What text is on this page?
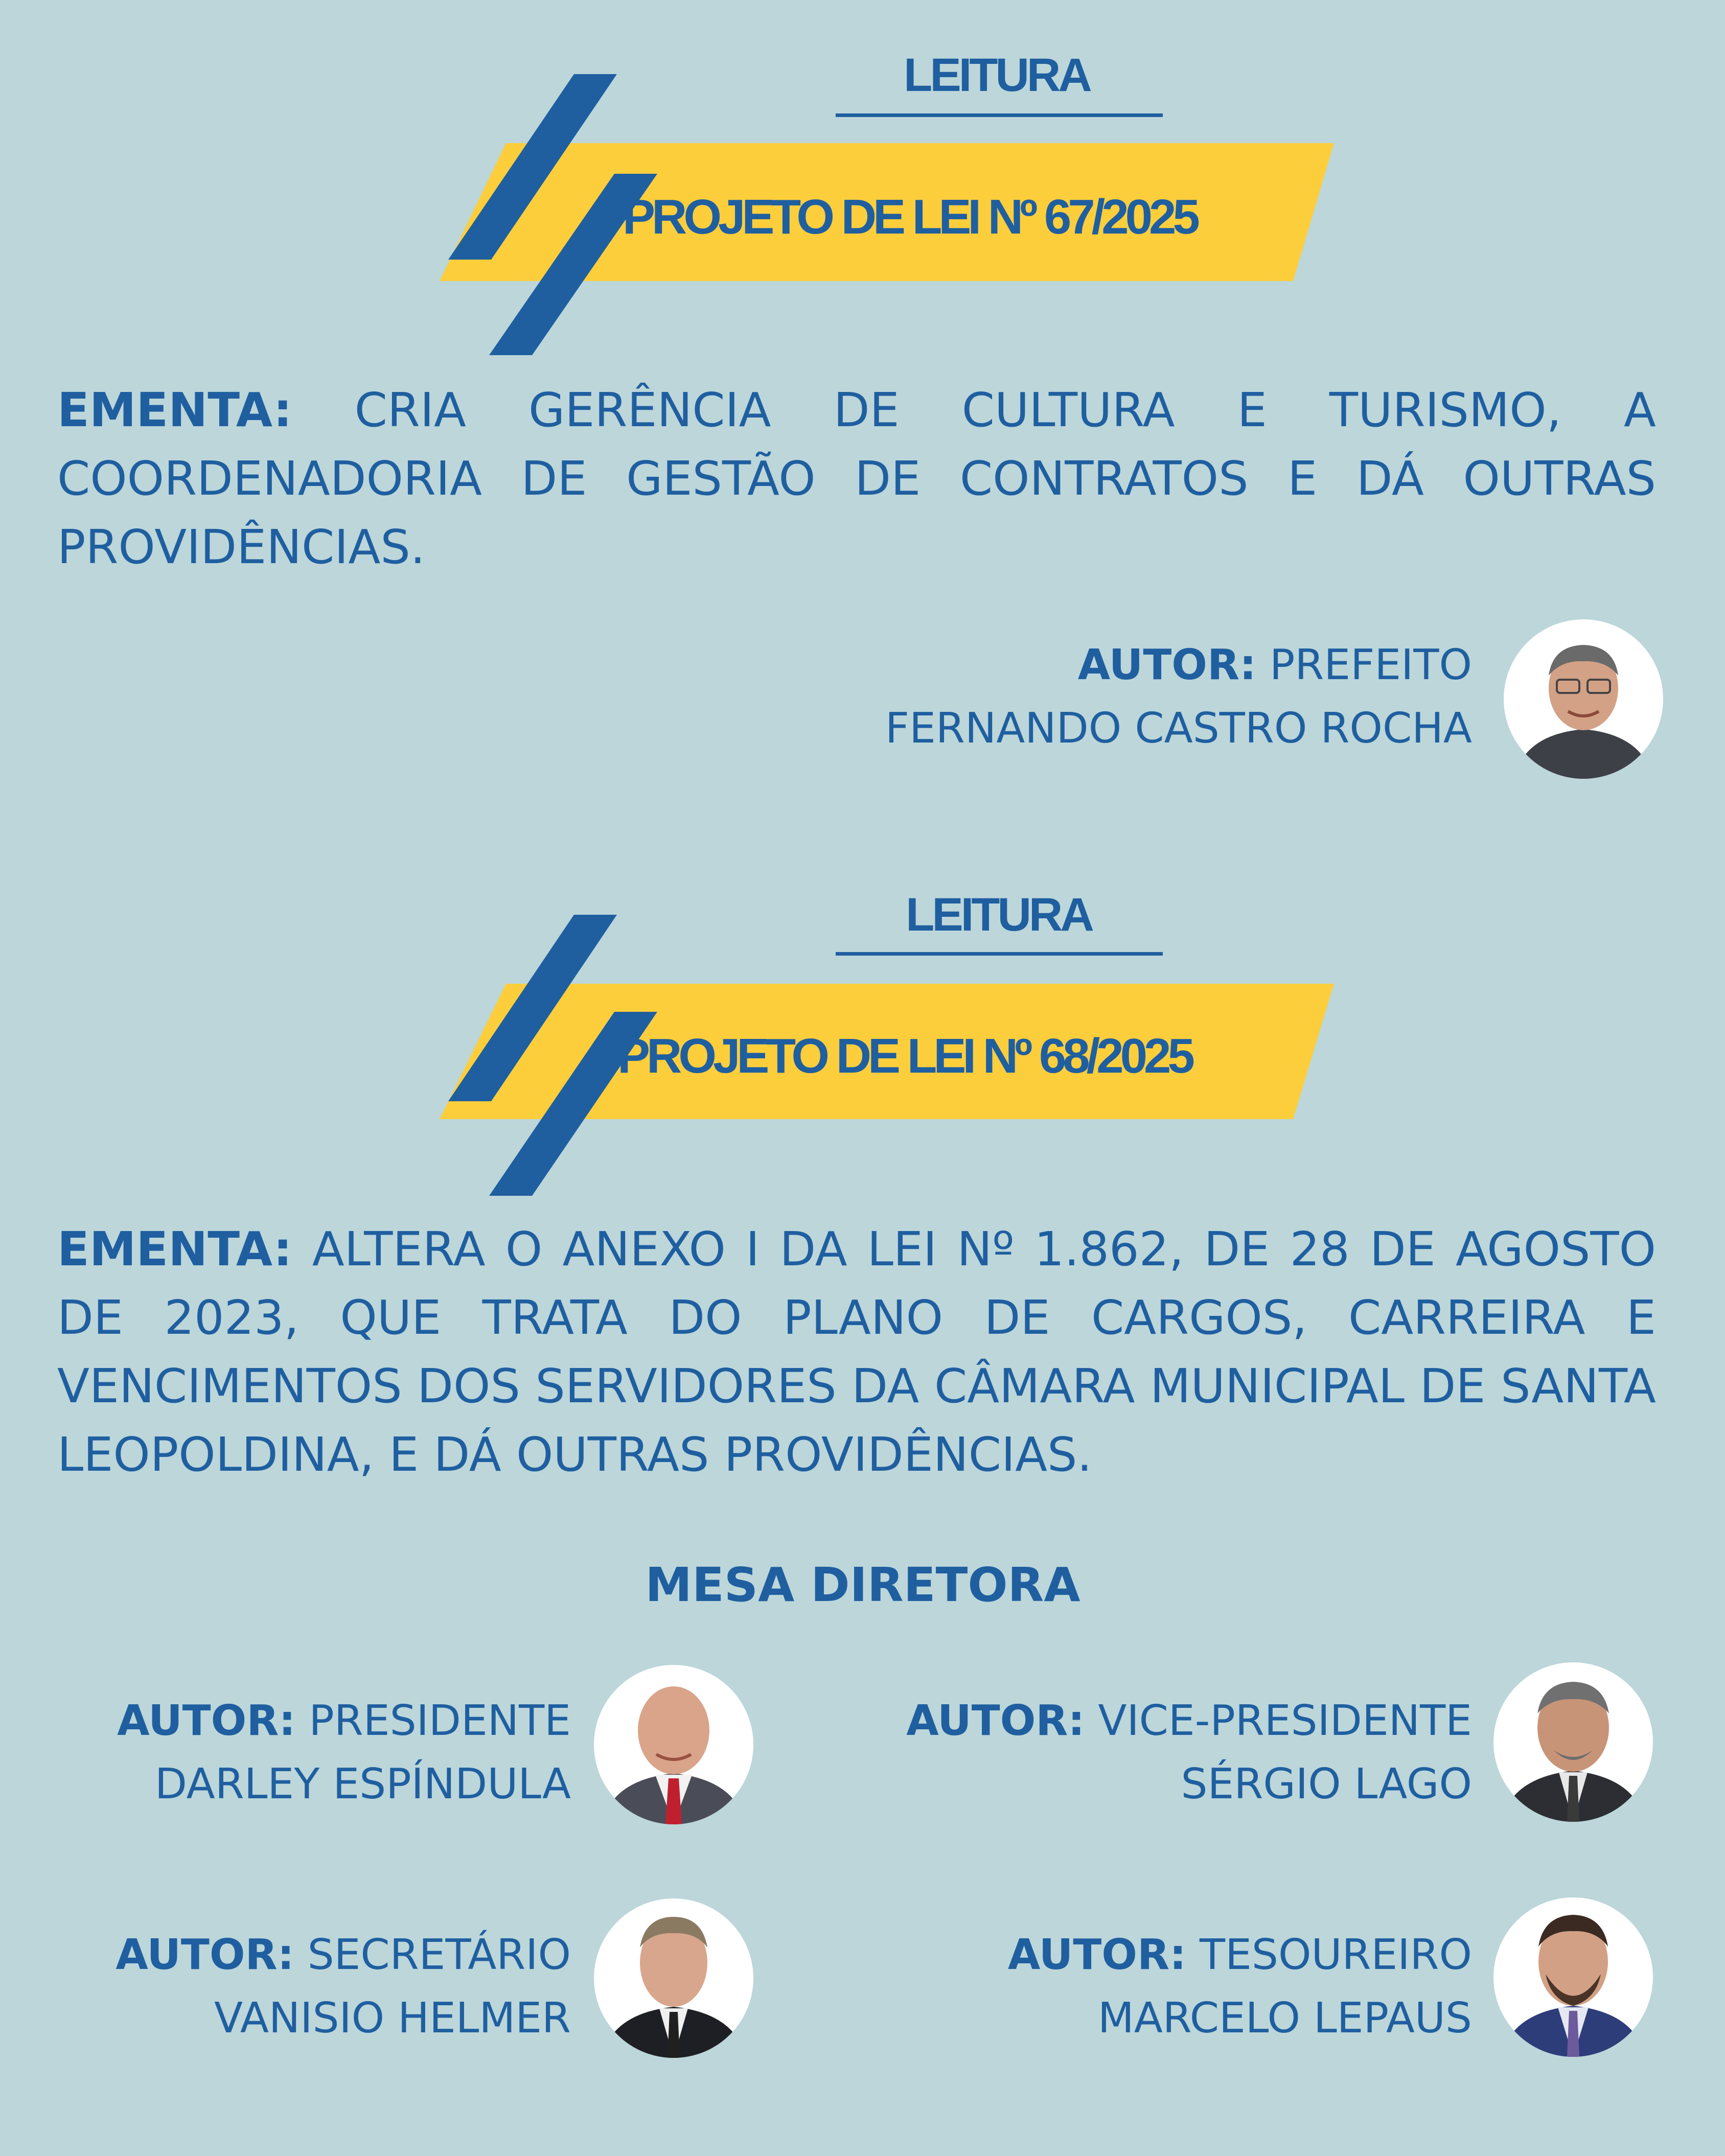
LEITURA
PROJETO DE LEI Nº 67/2025
EMENTA: CRIA GERÊNCIA DE CULTURA E TURISMO, A COORDENADORIA DE GESTÃO DE CONTRATOS E DÁ OUTRAS PROVIDÊNCIAS.
AUTOR: PREFEITO
FERNANDO CASTRO ROCHA
LEITURA
PROJETO DE LEI Nº 68/2025
EMENTA: ALTERA O ANEXO I DA LEI Nº 1.862, DE 28 DE AGOSTO DE 2023, QUE TRATA DO PLANO DE CARGOS, CARREIRA E VENCIMENTOS DOS SERVIDORES DA CÂMARA MUNICIPAL DE SANTA LEOPOLDINA, E DÁ OUTRAS PROVIDÊNCIAS.
MESA DIRETORA
AUTOR: PRESIDENTE
DARLEY ESPÍNDULA
AUTOR: VICE-PRESIDENTE
SÉRGIO LAGO
AUTOR: SECRETÁRIO
VANISIO HELMER
AUTOR: TESOUREIRO
MARCELO LEPAUS
